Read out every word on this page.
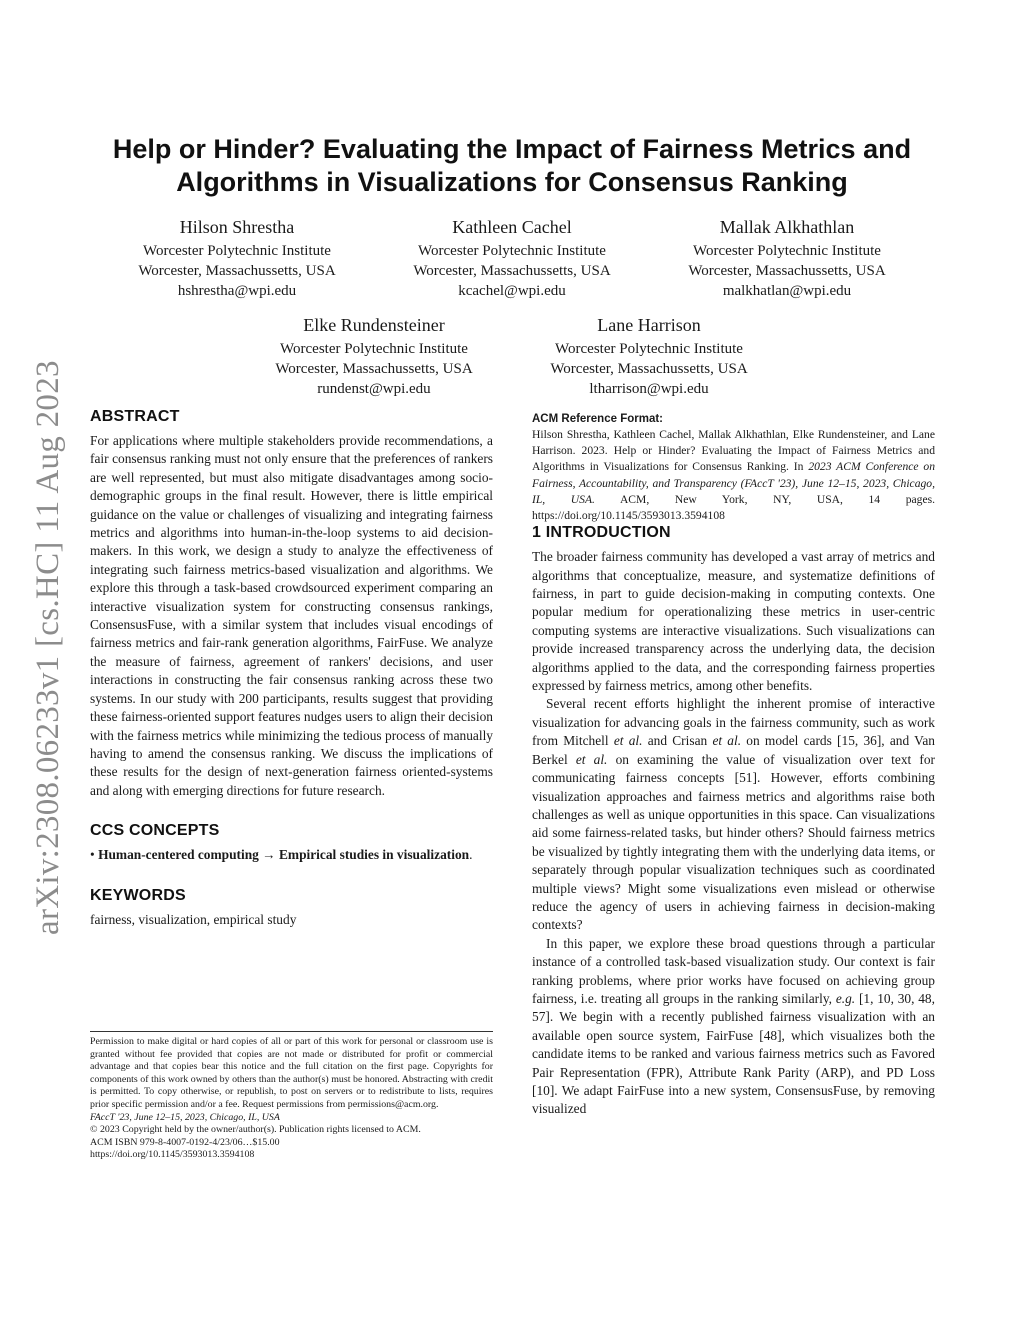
arXiv:2308.06233v1 [cs.HC] 11 Aug 2023
Help or Hinder? Evaluating the Impact of Fairness Metrics and
Algorithms in Visualizations for Consensus Ranking
Hilson Shrestha
Worcester Polytechnic Institute
Worcester, Massachussetts, USA
hshrestha@wpi.edu
Kathleen Cachel
Worcester Polytechnic Institute
Worcester, Massachussetts, USA
kcachel@wpi.edu
Mallak Alkhathlan
Worcester Polytechnic Institute
Worcester, Massachussetts, USA
malkhatlan@wpi.edu
Elke Rundensteiner
Worcester Polytechnic Institute
Worcester, Massachussetts, USA
rundenst@wpi.edu
Lane Harrison
Worcester Polytechnic Institute
Worcester, Massachussetts, USA
ltharrison@wpi.edu
ABSTRACT

For applications where multiple stakeholders provide recommendations, a fair consensus ranking must not only ensure that the preferences of rankers are well represented, but must also mitigate disadvantages among socio-demographic groups in the final result. However, there is little empirical guidance on the value or challenges of visualizing and integrating fairness metrics and algorithms into human-in-the-loop systems to aid decision-makers. In this work, we design a study to analyze the effectiveness of integrating such fairness metrics-based visualization and algorithms. We explore this through a task-based crowdsourced experiment comparing an interactive visualization system for constructing consensus rankings, ConsensusFuse, with a similar system that includes visual encodings of fairness metrics and fair-rank generation algorithms, FairFuse. We analyze the measure of fairness, agreement of rankers' decisions, and user interactions in constructing the fair consensus ranking across these two systems. In our study with 200 participants, results suggest that providing these fairness-oriented support features nudges users to align their decision with the fairness metrics while minimizing the tedious process of manually having to amend the consensus ranking. We discuss the implications of these results for the design of next-generation fairness oriented-systems and along with emerging directions for future research.

CCS CONCEPTS

• Human-centered computing → Empirical studies in visualization.

KEYWORDS

fairness, visualization, empirical study

Permission to make digital or hard copies of all or part of this work for personal or classroom use is granted without fee provided that copies are not made or distributed for profit or commercial advantage and that copies bear this notice and the full citation on the first page. Copyrights for components of this work owned by others than the author(s) must be honored. Abstracting with credit is permitted. To copy otherwise, or republish, to post on servers or to redistribute to lists, requires prior specific permission and/or a fee. Request permissions from permissions@acm.org.

FAccT '23, June 12–15, 2023, Chicago, IL, USA

© 2023 Copyright held by the owner/author(s). Publication rights licensed to ACM.

ACM ISBN 979-8-4007-0192-4/23/06…$15.00

https://doi.org/10.1145/3593013.3594108

ACM Reference Format:

Hilson Shrestha, Kathleen Cachel, Mallak Alkhathlan, Elke Rundensteiner, and Lane Harrison. 2023. Help or Hinder? Evaluating the Impact of Fairness Metrics and Algorithms in Visualizations for Consensus Ranking. In 2023 ACM Conference on Fairness, Accountability, and Transparency (FAccT '23), June 12–15, 2023, Chicago, IL, USA. ACM, New York, NY, USA, 14 pages. https://doi.org/10.1145/3593013.3594108

1 INTRODUCTION

The broader fairness community has developed a vast array of metrics and algorithms that conceptualize, measure, and systematize definitions of fairness, in part to guide decision-making in computing contexts. One popular medium for operationalizing these metrics in user-centric computing systems are interactive visualizations. Such visualizations can provide increased transparency across the underlying data, the decision algorithms applied to the data, and the corresponding fairness properties expressed by fairness metrics, among other benefits.

Several recent efforts highlight the inherent promise of interactive visualization for advancing goals in the fairness community, such as work from Mitchell et al. and Crisan et al. on model cards [15, 36], and Van Berkel et al. on examining the value of visualization over text for communicating fairness concepts [51]. However, efforts combining visualization approaches and fairness metrics and algorithms raise both challenges as well as unique opportunities in this space. Can visualizations aid some fairness-related tasks, but hinder others? Should fairness metrics be visualized by tightly integrating them with the underlying data items, or separately through popular visualization techniques such as coordinated multiple views? Might some visualizations even mislead or otherwise reduce the agency of users in achieving fairness in decision-making contexts?

In this paper, we explore these broad questions through a particular instance of a controlled task-based visualization study. Our context is fair ranking problems, where prior works have focused on achieving group fairness, i.e. treating all groups in the ranking similarly, e.g. [1, 10, 30, 48, 57]. We begin with a recently published fairness visualization with an available open source system, FairFuse [48], which visualizes both the candidate items to be ranked and various fairness metrics such as Favored Pair Representation (FPR), Attribute Rank Parity (ARP), and PD Loss [10]. We adapt FairFuse into a new system, ConsensusFuse, by removing visualized
